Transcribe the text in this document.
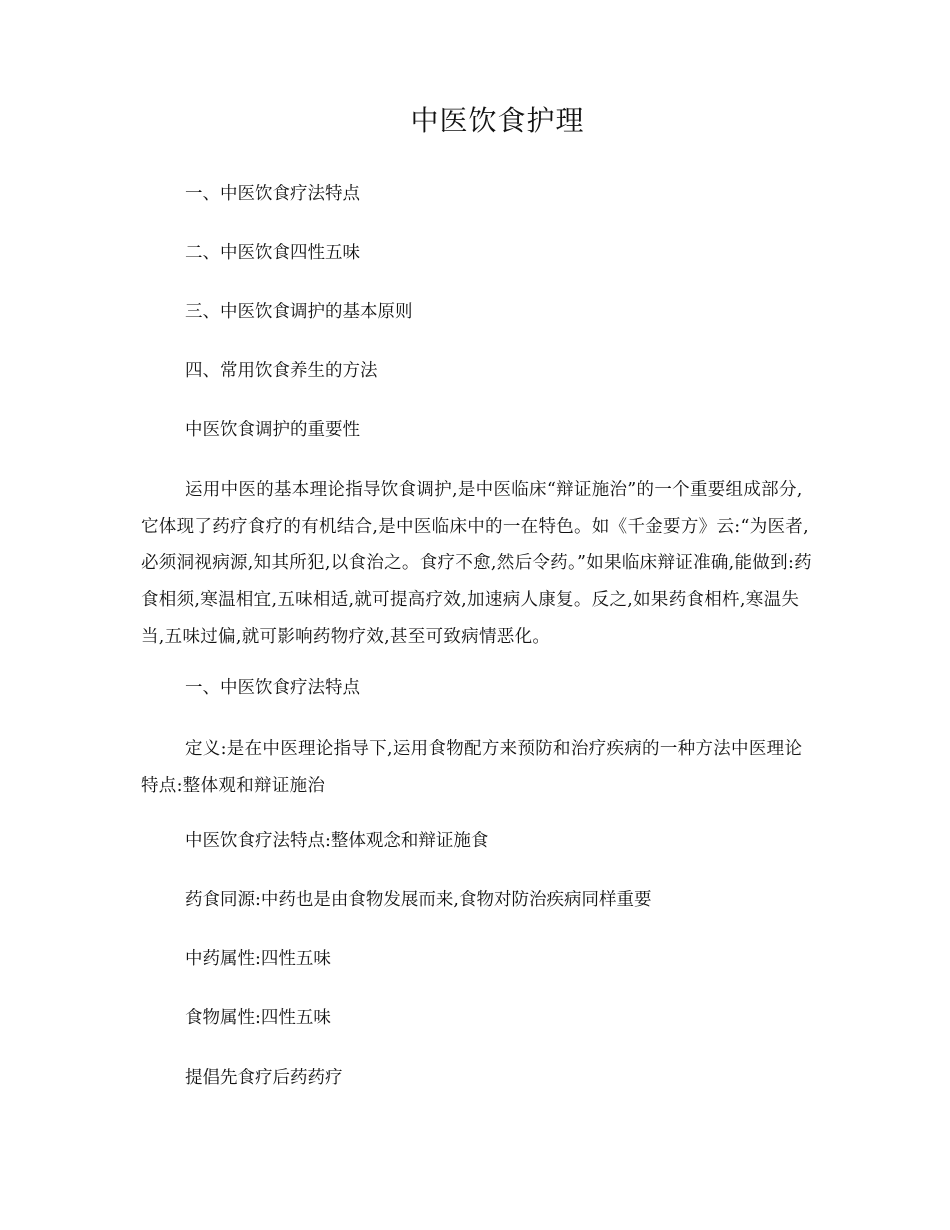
中医饮食护理
一、中医饮食疗法特点
二、中医饮食四性五味
三、中医饮食调护的基本原则
四、常用饮食养生的方法
中医饮食调护的重要性
运用中医的基本理论指导饮食调护,是中医临床“辩证施治”的一个重要组成部分,它体现了药疗食疗的有机结合,是中医临床中的一在特色。如《千金要方》云:“为医者,必须洞视病源,知其所犯,以食治之。食疗不愈,然后令药。”如果临床辩证准确,能做到:药食相须,寒温相宜,五味相适,就可提高疗效,加速病人康复。反之,如果药食相杵,寒温失当,五味过偏,就可影响药物疗效,甚至可致病情恶化。
一、中医饮食疗法特点
定义:是在中医理论指导下,运用食物配方来预防和治疗疾病的一种方法中医理论特点:整体观和辩证施治
中医饮食疗法特点:整体观念和辩证施食
药食同源:中药也是由食物发展而来,食物对防治疾病同样重要
中药属性:四性五味
食物属性:四性五味
提倡先食疗后药药疗
